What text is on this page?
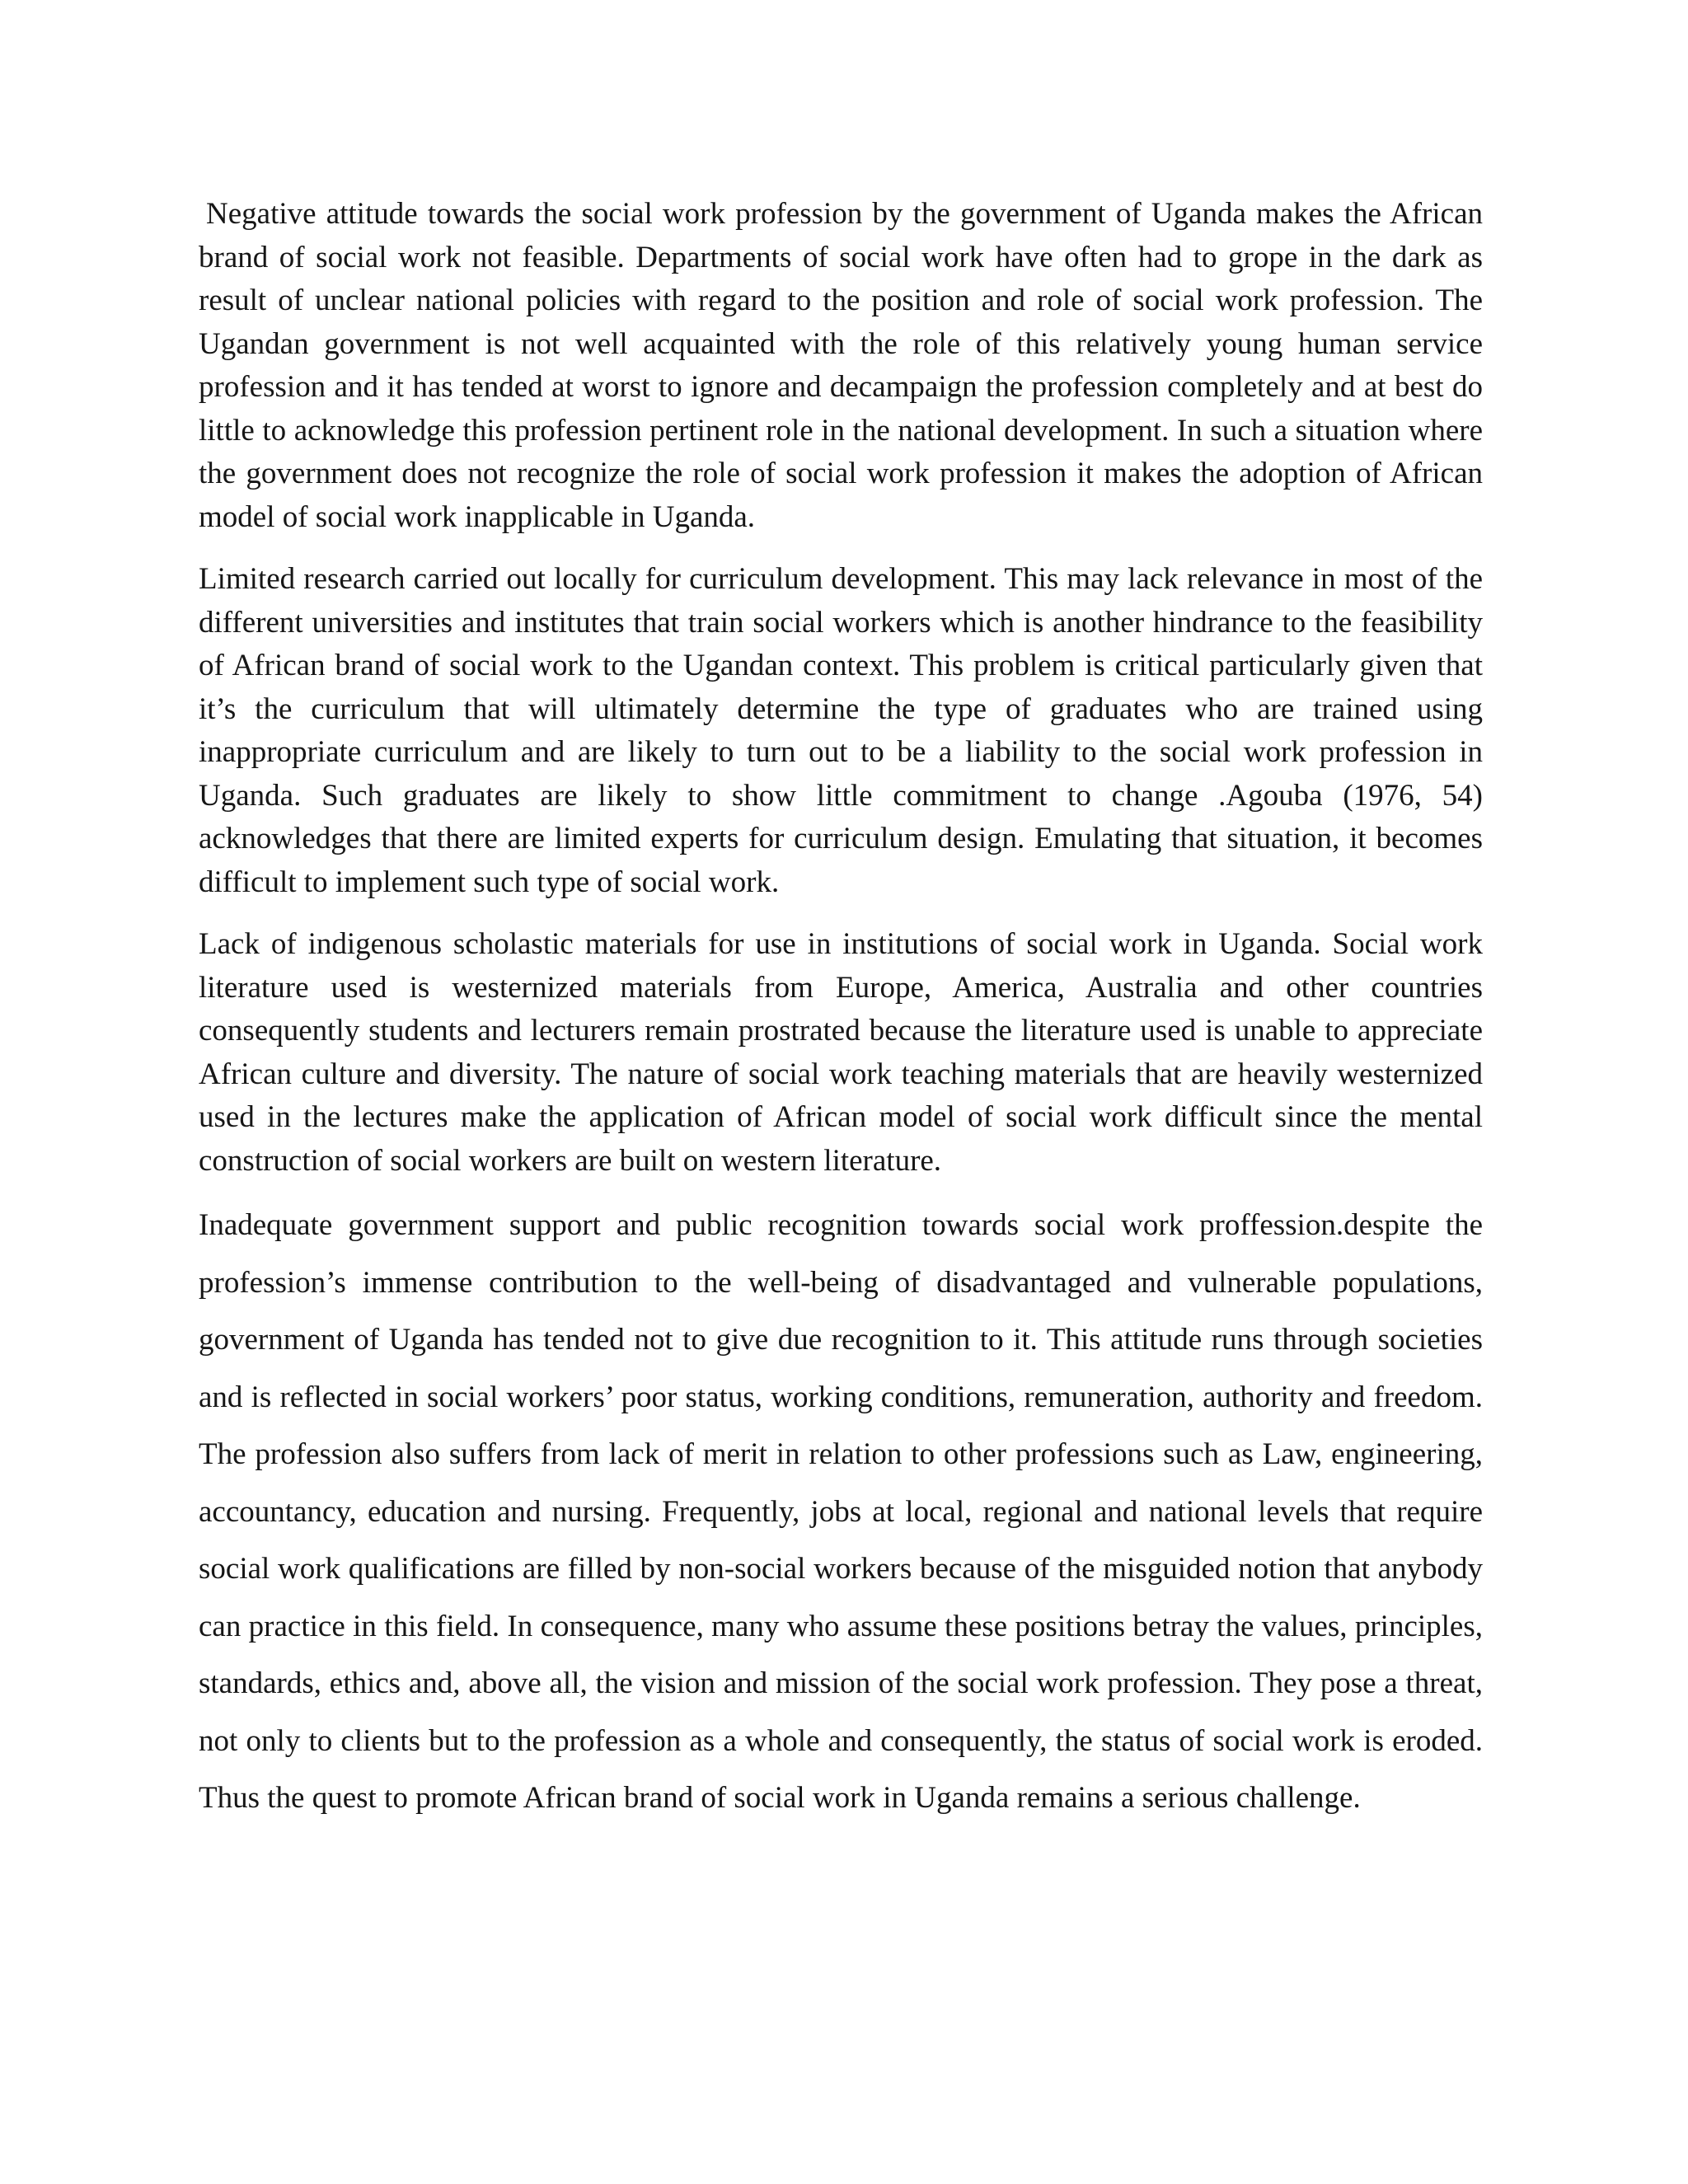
Negative attitude towards the social work profession by the government of Uganda makes the African brand of social work not feasible. Departments of social work have often had to grope in the dark as result of unclear national policies with regard to the position and role of social work profession. The Ugandan government is not well acquainted with the role of this relatively young human service profession and it has tended at worst to ignore and decampaign the profession completely and at best do little to acknowledge this profession pertinent role in the national development. In such a situation where the government does not recognize the role of social work profession it makes the adoption of African model of social work inapplicable in Uganda.

Limited research carried out locally for curriculum development. This may lack relevance in most of the different universities and institutes that train social workers which is another hindrance to the feasibility of African brand of social work to the Ugandan context. This problem is critical particularly given that it’s the curriculum that will ultimately determine the type of graduates who are trained using inappropriate curriculum and are likely to turn out to be a liability to the social work profession in Uganda. Such graduates are likely to show little commitment to change .Agouba (1976, 54) acknowledges that there are limited experts for curriculum design. Emulating that situation, it becomes difficult to implement such type of social work.

Lack of indigenous scholastic materials for use in institutions of social work in Uganda. Social work literature used is westernized materials from Europe, America, Australia and other countries consequently students and lecturers remain prostrated because the literature used is unable to appreciate African culture and diversity. The nature of social work teaching materials that are heavily westernized used in the lectures make the application of African model of social work difficult since the mental construction of social workers are built on western literature.

Inadequate government support and public recognition towards social work proffession.despite the profession’s immense contribution to the well-being of disadvantaged and vulnerable populations, government of Uganda has tended not to give due recognition to it. This attitude runs through societies and is reflected in social workers’ poor status, working conditions, remuneration, authority and freedom. The profession also suffers from lack of merit in relation to other professions such as Law, engineering, accountancy, education and nursing. Frequently, jobs at local, regional and national levels that require social work qualifications are filled by non-social workers because of the misguided notion that anybody can practice in this field. In consequence, many who assume these positions betray the values, principles, standards, ethics and, above all, the vision and mission of the social work profession. They pose a threat, not only to clients but to the profession as a whole and consequently, the status of social work is eroded. Thus the quest to promote African brand of social work in Uganda remains a serious challenge.
